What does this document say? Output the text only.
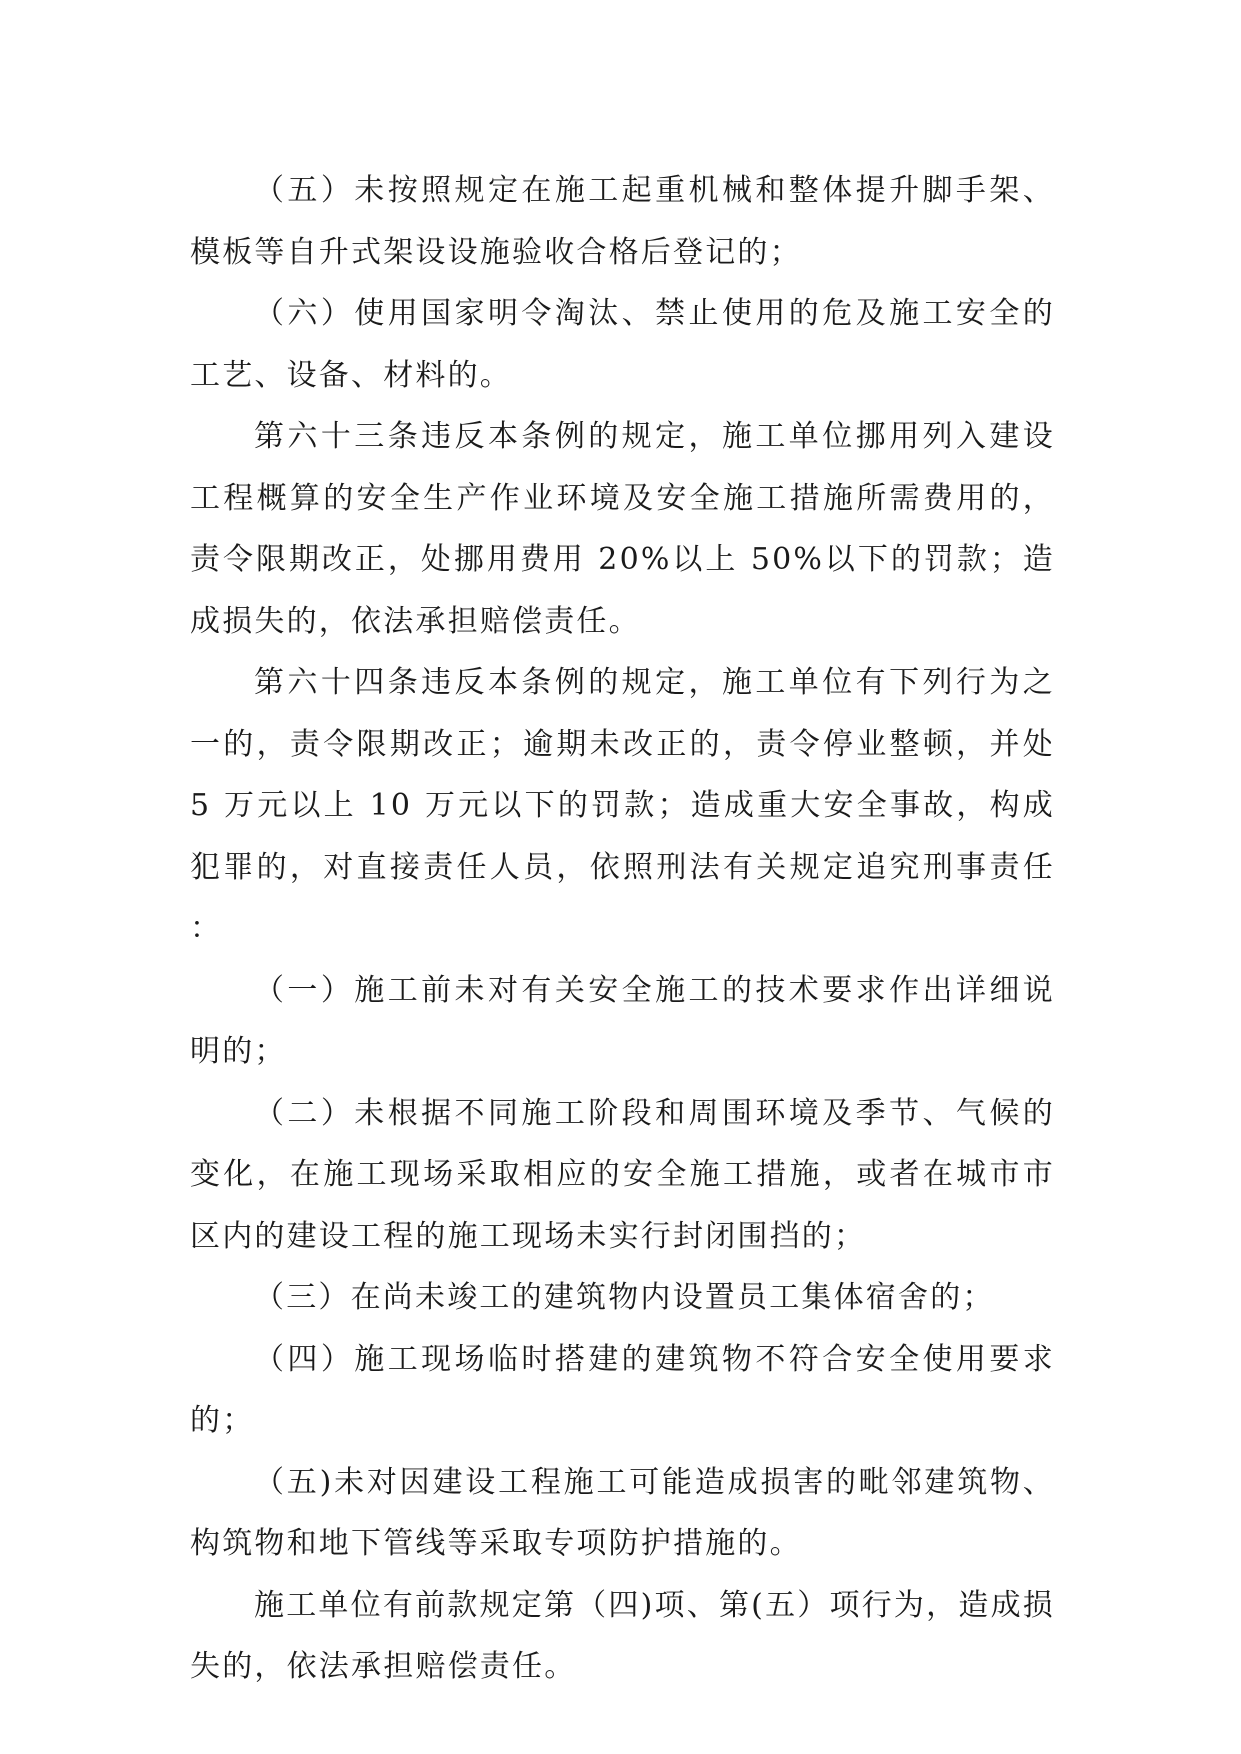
（五）未按照规定在施工起重机械和整体提升脚手架、模板等自升式架设设施验收合格后登记的；

（六）使用国家明令淘汰、禁止使用的危及施工安全的工艺、设备、材料的。

第六十三条违反本条例的规定，施工单位挪用列入建设工程概算的安全生产作业环境及安全施工措施所需费用的，责令限期改正，处挪用费用 20%以上 50%以下的罚款；造成损失的，依法承担赔偿责任。

第六十四条违反本条例的规定，施工单位有下列行为之一的，责令限期改正；逾期未改正的，责令停业整顿，并处 5 万元以上 10 万元以下的罚款；造成重大安全事故，构成犯罪的，对直接责任人员，依照刑法有关规定追究刑事责任：

（一）施工前未对有关安全施工的技术要求作出详细说明的；

（二）未根据不同施工阶段和周围环境及季节、气候的变化，在施工现场采取相应的安全施工措施，或者在城市市区内的建设工程的施工现场未实行封闭围挡的；

（三）在尚未竣工的建筑物内设置员工集体宿舍的；

（四）施工现场临时搭建的建筑物不符合安全使用要求的；

（五)未对因建设工程施工可能造成损害的毗邻建筑物、构筑物和地下管线等采取专项防护措施的。

施工单位有前款规定第（四)项、第(五）项行为，造成损失的，依法承担赔偿责任。
